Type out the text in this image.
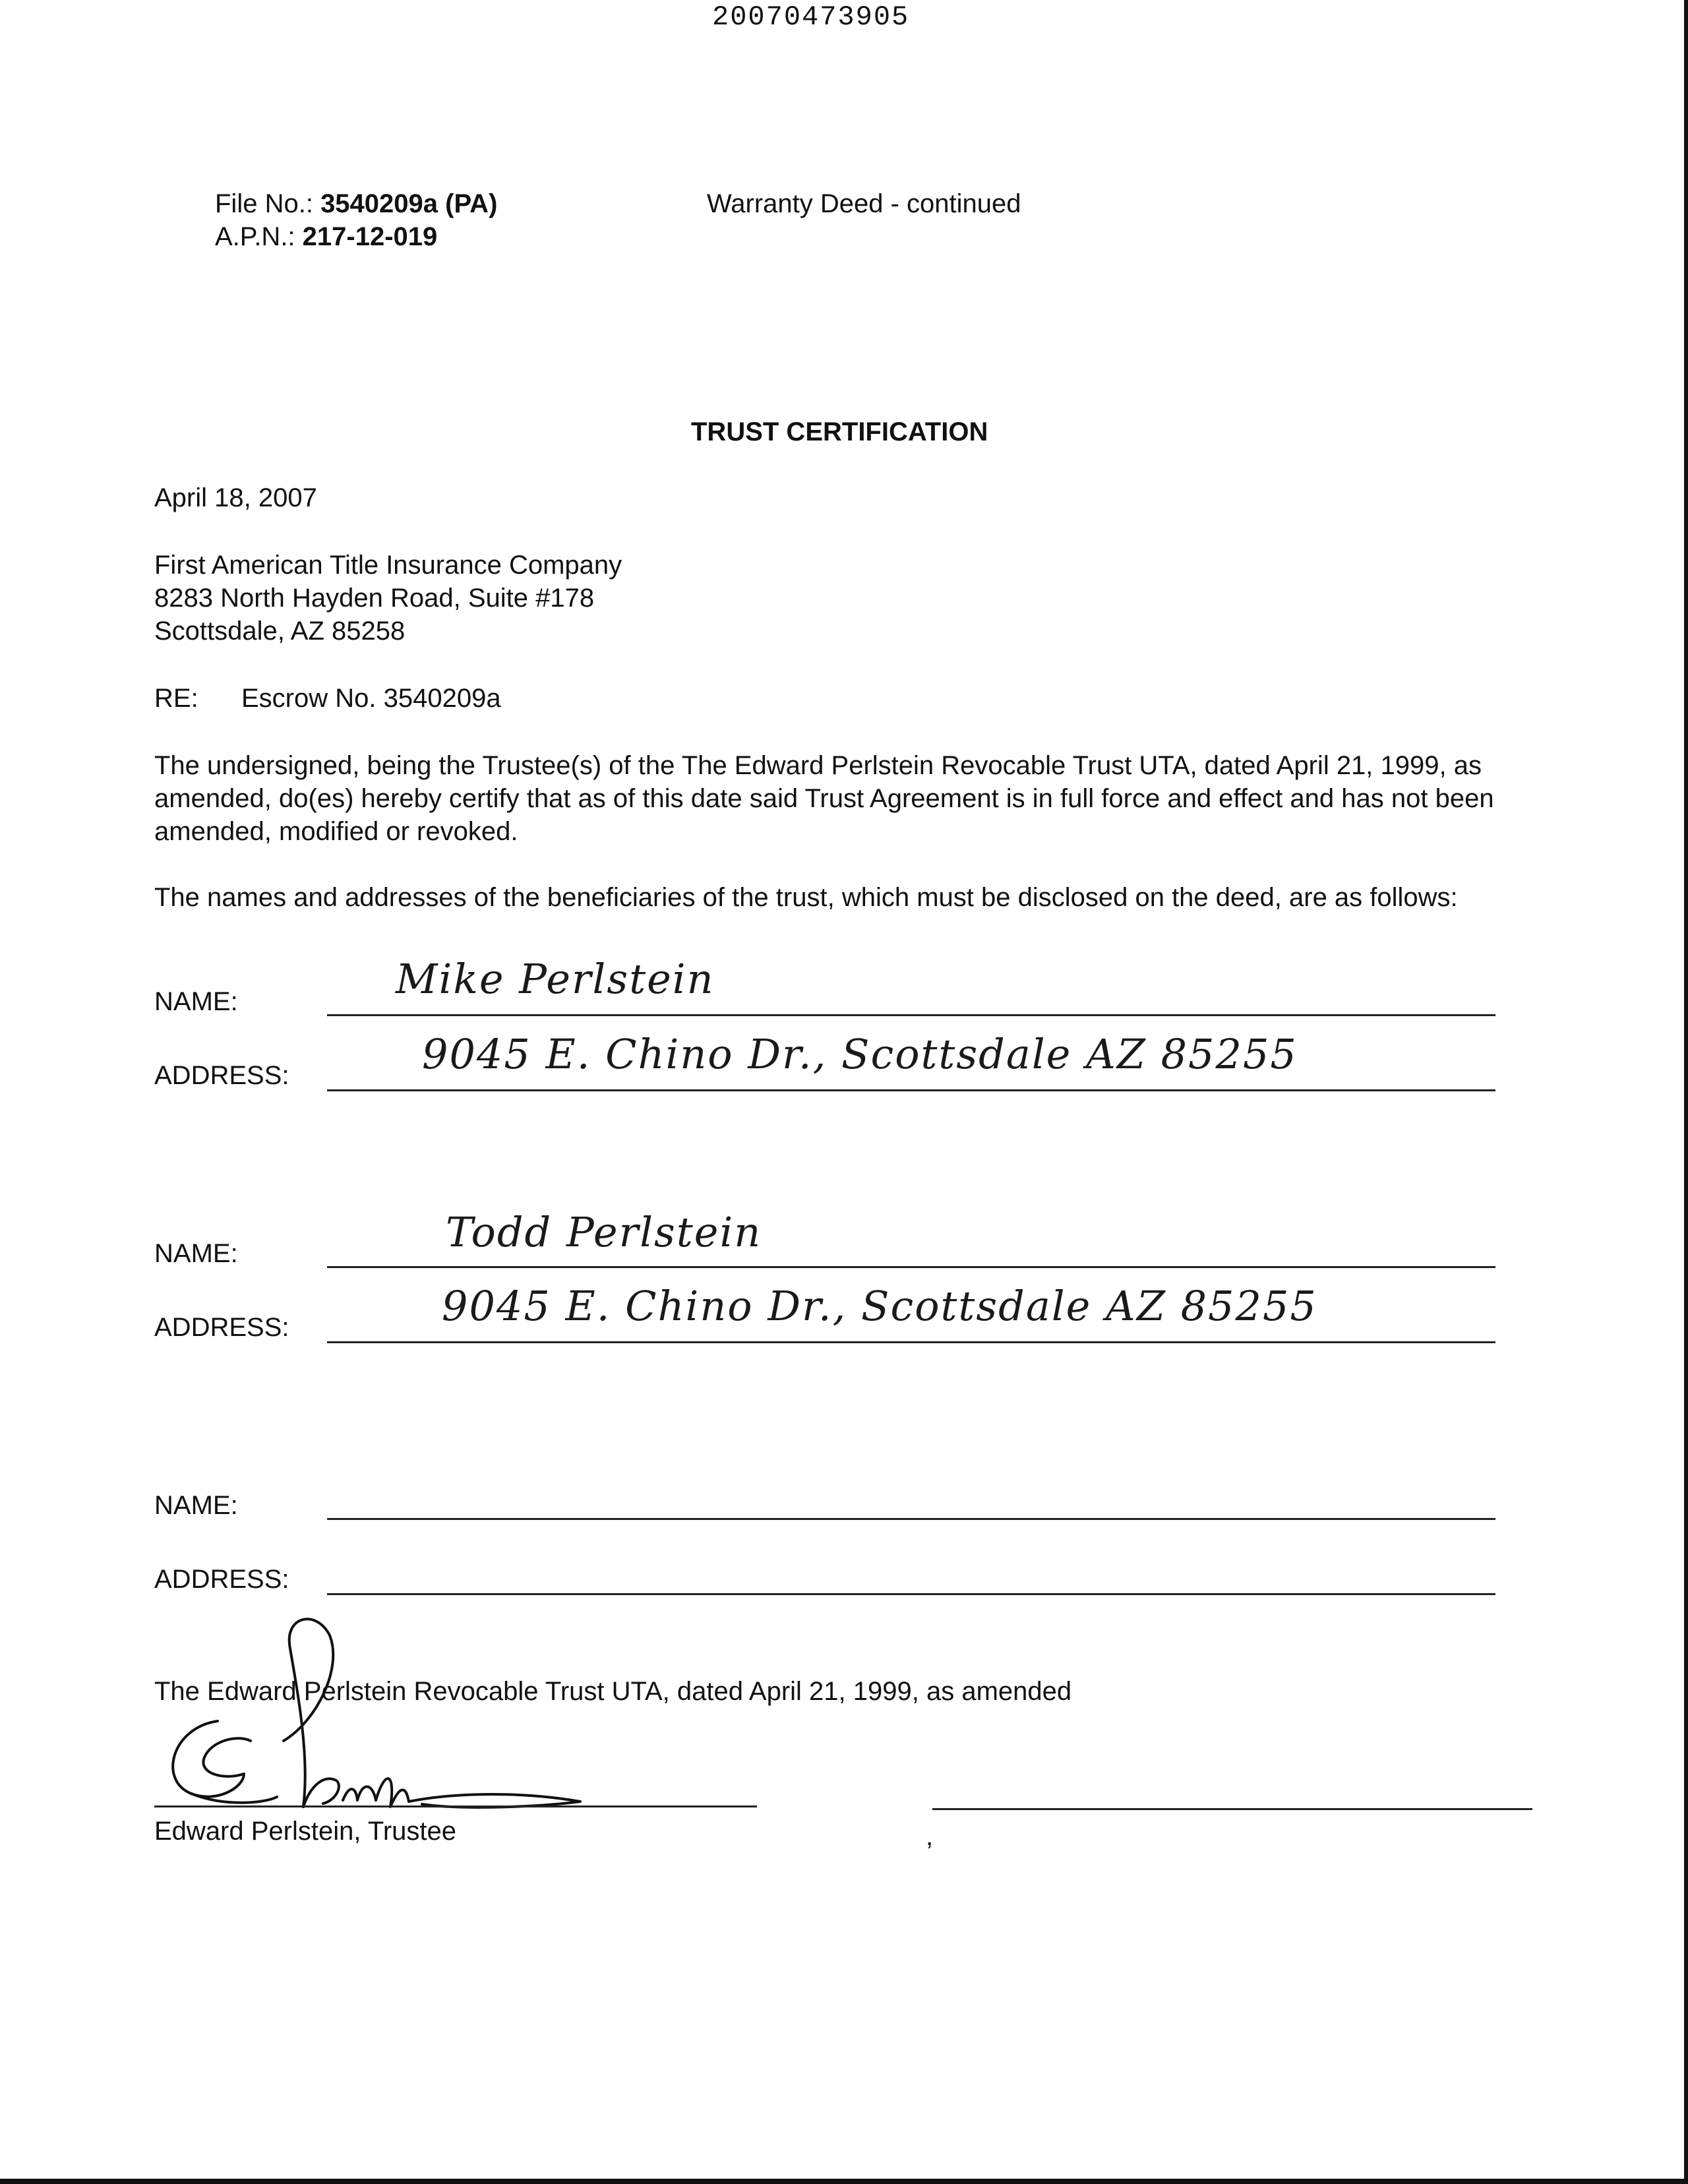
20070473905
File No.: 3540209a (PA)
A.P.N.: 217-12-019
Warranty Deed - continued
TRUST CERTIFICATION
April 18, 2007
First American Title Insurance Company
8283 North Hayden Road, Suite #178
Scottsdale, AZ 85258
RE: Escrow No. 3540209a
The undersigned, being the Trustee(s) of the The Edward Perlstein Revocable Trust UTA, dated April 21, 1999, as amended, do(es) hereby certify that as of this date said Trust Agreement is in full force and effect and has not been amended, modified or revoked.
The names and addresses of the beneficiaries of the trust, which must be disclosed on the deed, are as follows:
NAME:	Mike Perlstein
ADDRESS:	9045 E. Chino Dr., Scottsdale AZ 85255
NAME:	Todd Perlstein
ADDRESS:	9045 E. Chino Dr., Scottsdale AZ 85255
NAME:
ADDRESS:
The Edward Perlstein Revocable Trust UTA, dated April 21, 1999, as amended
Edward Perlstein, Trustee	,
